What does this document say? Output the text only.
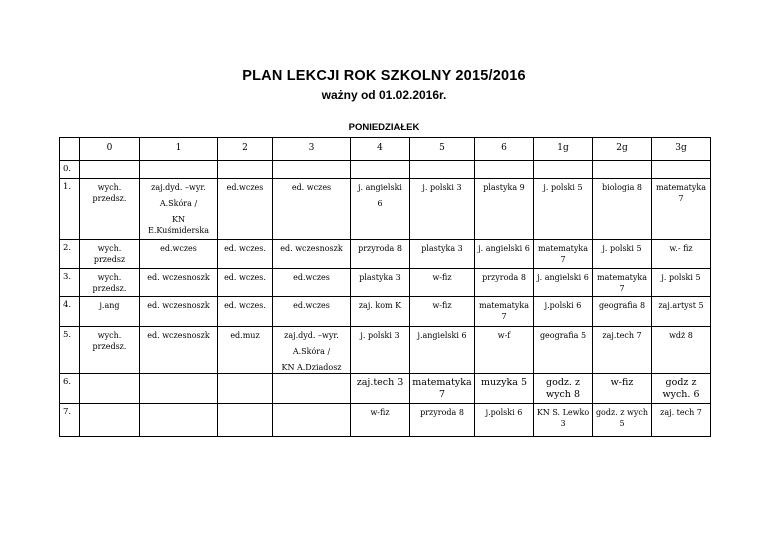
PLAN LEKCJI ROK SZKOLNY 2015/2016
ważny od 01.02.2016r.
PONIEDZIAŁEK
	0	1	2	3	4	5	6	1g	2g	3g
0.										
1.	wych. przedsz.	zaj.dyd. –wyr.
A.Skóra /
KN E.Kuśmiderska	ed.wczes	ed. wczes	j. angielski
6	j. polski 3	plastyka 9	j. polski 5	biologia 8	matematyka 7
2.	wych. przedsz	ed.wczes	ed. wczes.	ed. wczesnoszk	przyroda 8	plastyka 3	j. angielski 6	matematyka 7	j. polski 5	w.- fiz
3.	wych. przedsz.	ed. wczesnoszk	ed. wczes.	ed.wczes	plastyka 3	w-fiz	przyroda 8	j. angielski 6	matematyka 7	j. polski 5
4.	j.ang	ed. wczesnoszk	ed. wczes.	ed.wczes	zaj. kom K	w-fiz	matematyka 7	j.polski 6	geografia 8	zaj.artyst 5
5.	wych. przedsz.	ed. wczesnoszk	ed.muz	zaj.dyd. –wyr.
A.Skóra /
KN A.Dziadosz	j. polski 3	j.angielski 6	w-f	geografia 5	zaj.tech 7	wdż 8
6.					zaj.tech 3	matematyka 7	muzyka 5	godz. z wych 8	w-fiz	godz z wych. 6
7.					w-fiz	przyroda 8	j.polski 6	KN S. Lewko 3	godz. z wych 5	zaj. tech 7
